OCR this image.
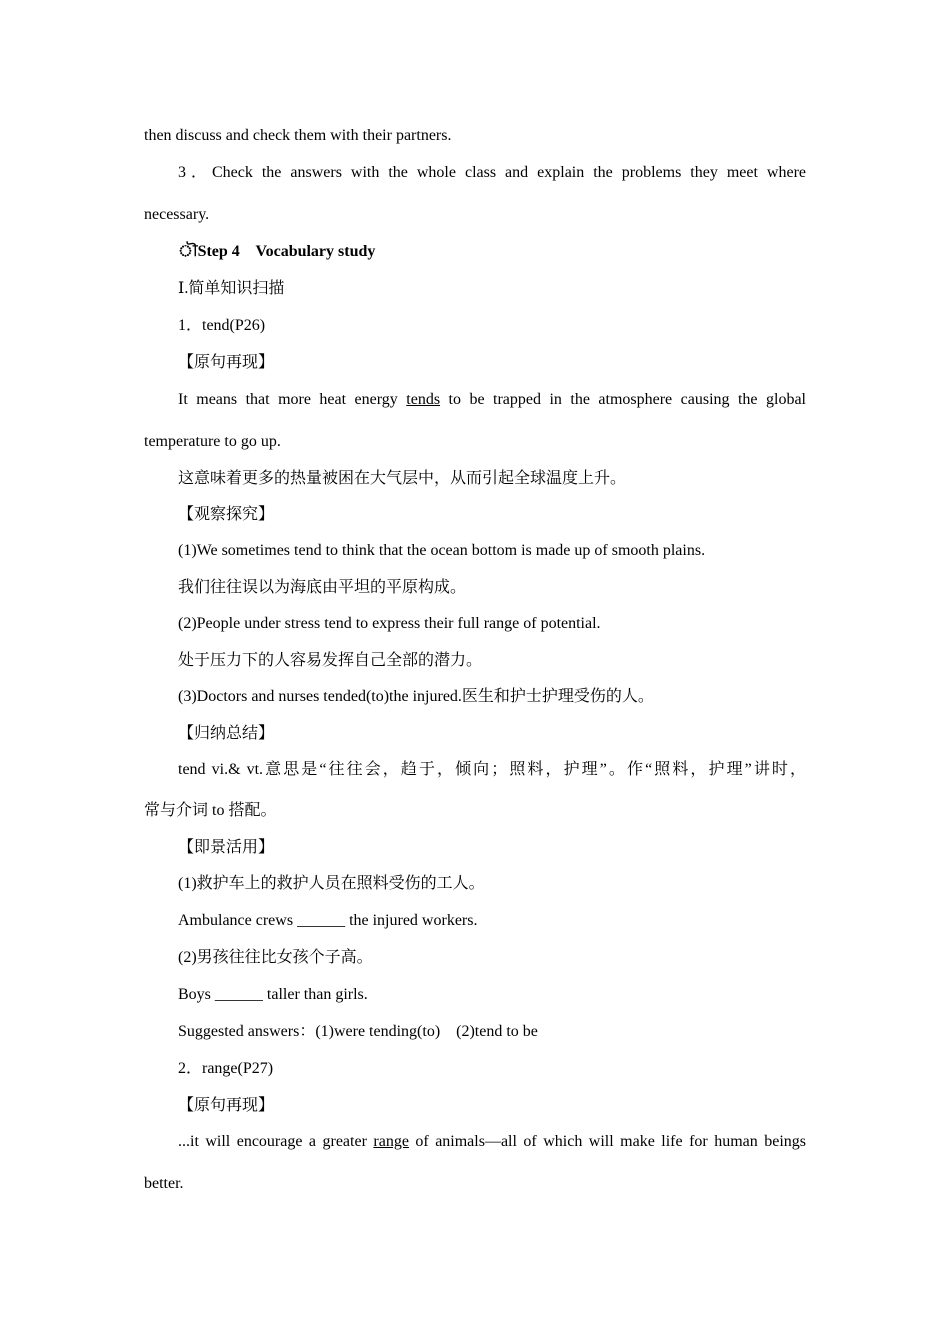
then discuss and check them with their partners.
3．Check the answers with the whole class and explain the problems they meet where
necessary.
ৗStep 4    Vocabulary study
Ⅰ.简单知识扫描
1．tend(P26)
【原句再现】
It means that more heat energy tends to be trapped in the atmosphere causing the global
temperature to go up.
这意味着更多的热量被困在大气层中，从而引起全球温度上升。
【观察探究】
(1)We sometimes tend to think that the ocean bottom is made up of smooth plains.
我们往往误以为海底由平坦的平原构成。
(2)People under stress tend to express their full range of potential.
处于压力下的人容易发挥自己全部的潜力。
(3)Doctors and nurses tended(to)the injured.医生和护士护理受伤的人。
【归纳总结】
tend vi.& vt.意思是“往往会，趋于，倾向；照料，护理”。作“照料，护理”讲时，
常与介词 to 搭配。
【即景活用】
(1)救护车上的救护人员在照料受伤的工人。
Ambulance crews ______ the injured workers.
(2)男孩往往比女孩个子高。
Boys ______ taller than girls.
Suggested answers：(1)were tending(to)    (2)tend to be
2．range(P27)
【原句再现】
...it will encourage a greater range of animals—all of which will make life for human beings
better.
